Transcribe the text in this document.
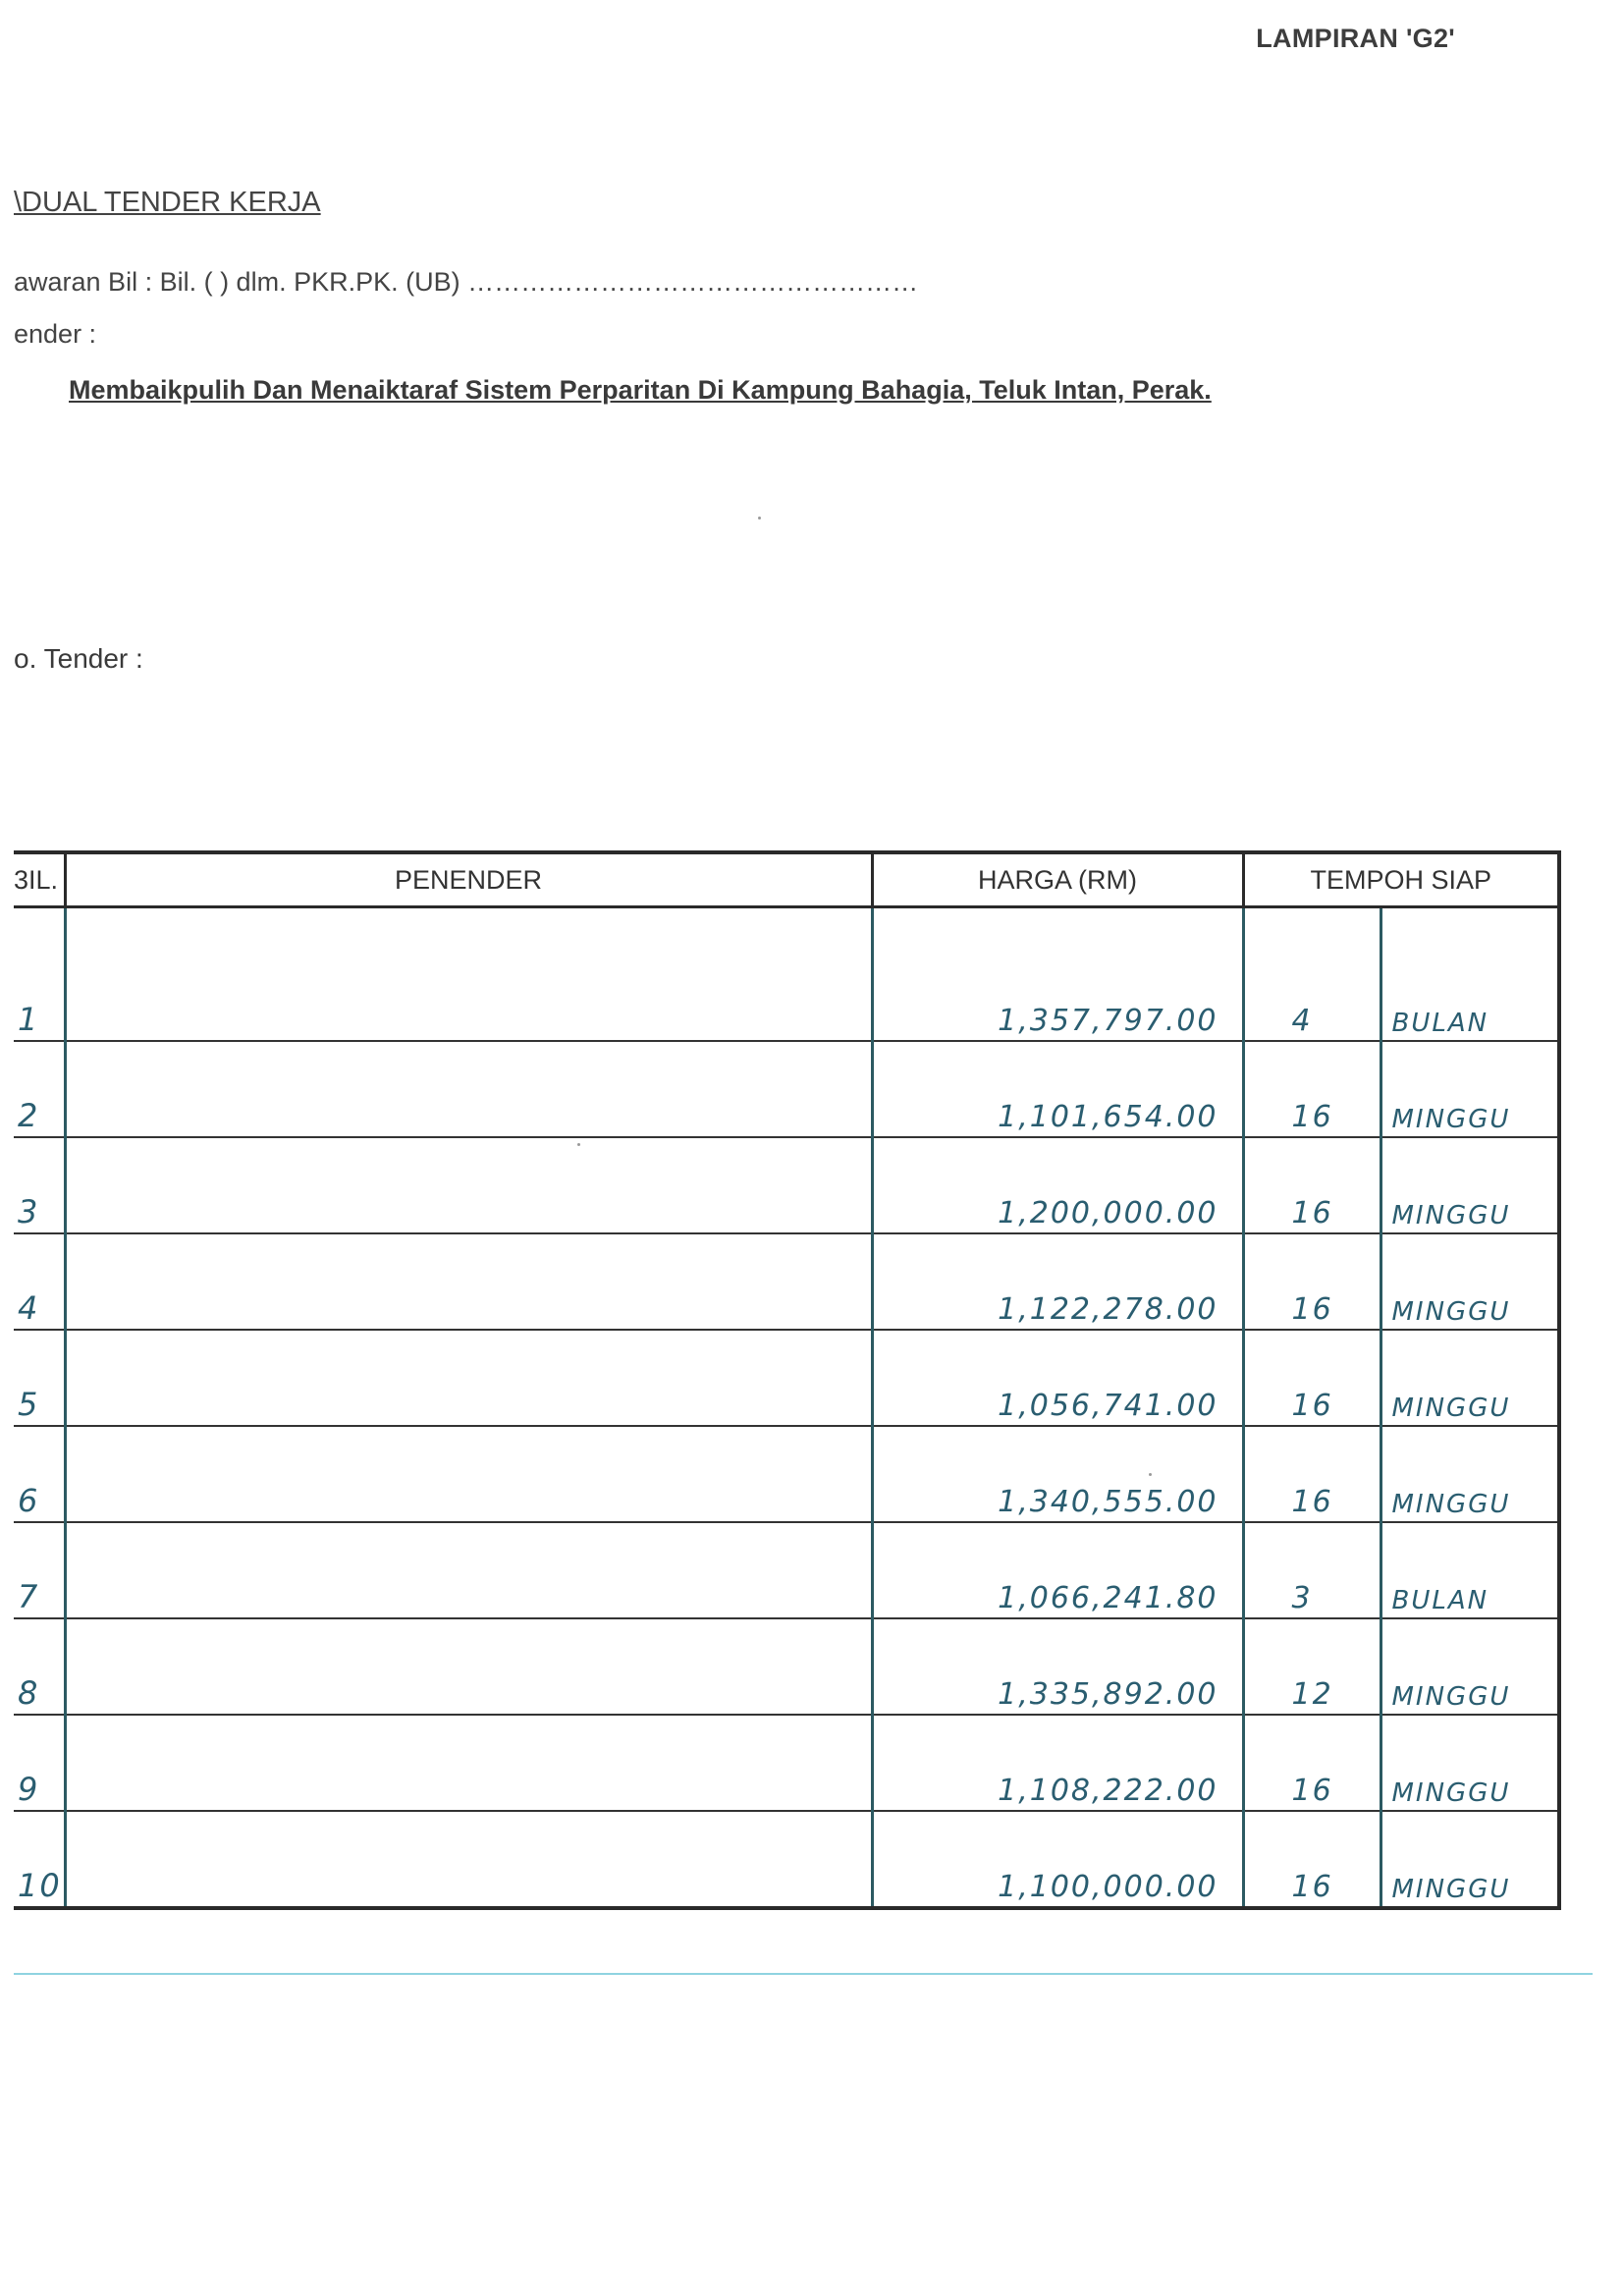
LAMPIRAN 'G2'
\DUAL TENDER KERJA
awaran Bil : Bil. ( ) dlm. PKR.PK. (UB) ……………………………………………
ender :
Membaikpulih Dan Menaiktaraf Sistem Perparitan Di Kampung Bahagia, Teluk Intan, Perak.
o. Tender :
3IL.	PENENDER	HARGA (RM)	TEMPOH SIAP	

1		1,357,797.00	4	BULAN

2		1,101,654.00	16	MINGGU

3		1,200,000.00	16	MINGGU

4		1,122,278.00	16	MINGGU

5		1,056,741.00	16	MINGGU

6		1,340,555.00	16	MINGGU

7		1,066,241.80	3	BULAN

8		1,335,892.00	12	MINGGU

9		1,108,222.00	16	MINGGU

10		1,100,000.00	16	MINGGU
